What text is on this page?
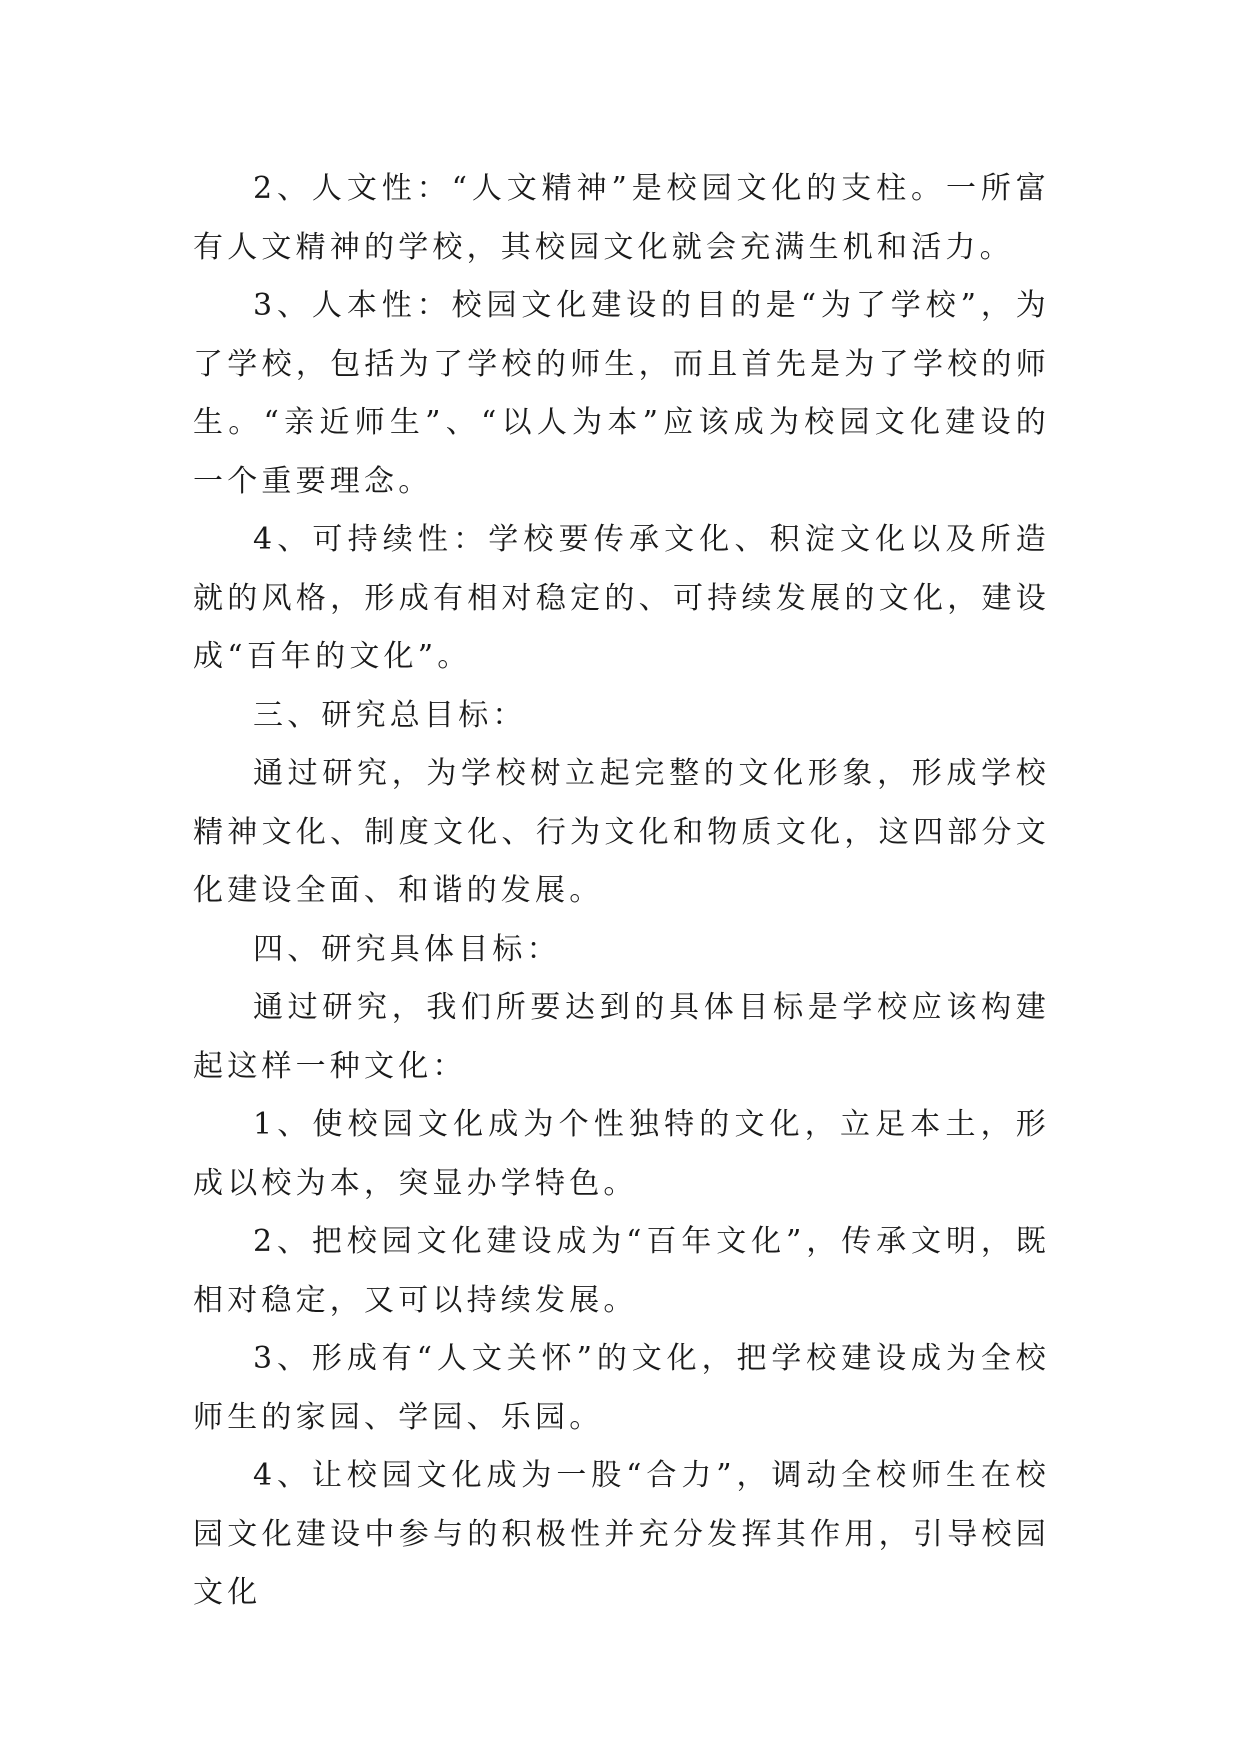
2、人文性：“人文精神”是校园文化的支柱。一所富有人文精神的学校，其校园文化就会充满生机和活力。

3、人本性：校园文化建设的目的是“为了学校”，为了学校，包括为了学校的师生，而且首先是为了学校的师生。“亲近师生”、“以人为本”应该成为校园文化建设的一个重要理念。

4、可持续性：学校要传承文化、积淀文化以及所造就的风格，形成有相对稳定的、可持续发展的文化，建设成“百年的文化”。

三、研究总目标：

通过研究，为学校树立起完整的文化形象，形成学校精神文化、制度文化、行为文化和物质文化，这四部分文化建设全面、和谐的发展。

四、研究具体目标：

通过研究，我们所要达到的具体目标是学校应该构建起这样一种文化：

1、使校园文化成为个性独特的文化，立足本土，形成以校为本，突显办学特色。

2、把校园文化建设成为“百年文化”，传承文明，既相对稳定，又可以持续发展。

3、形成有“人文关怀”的文化，把学校建设成为全校师生的家园、学园、乐园。

4、让校园文化成为一股“合力”，调动全校师生在校园文化建设中参与的积极性并充分发挥其作用，引导校园文化
